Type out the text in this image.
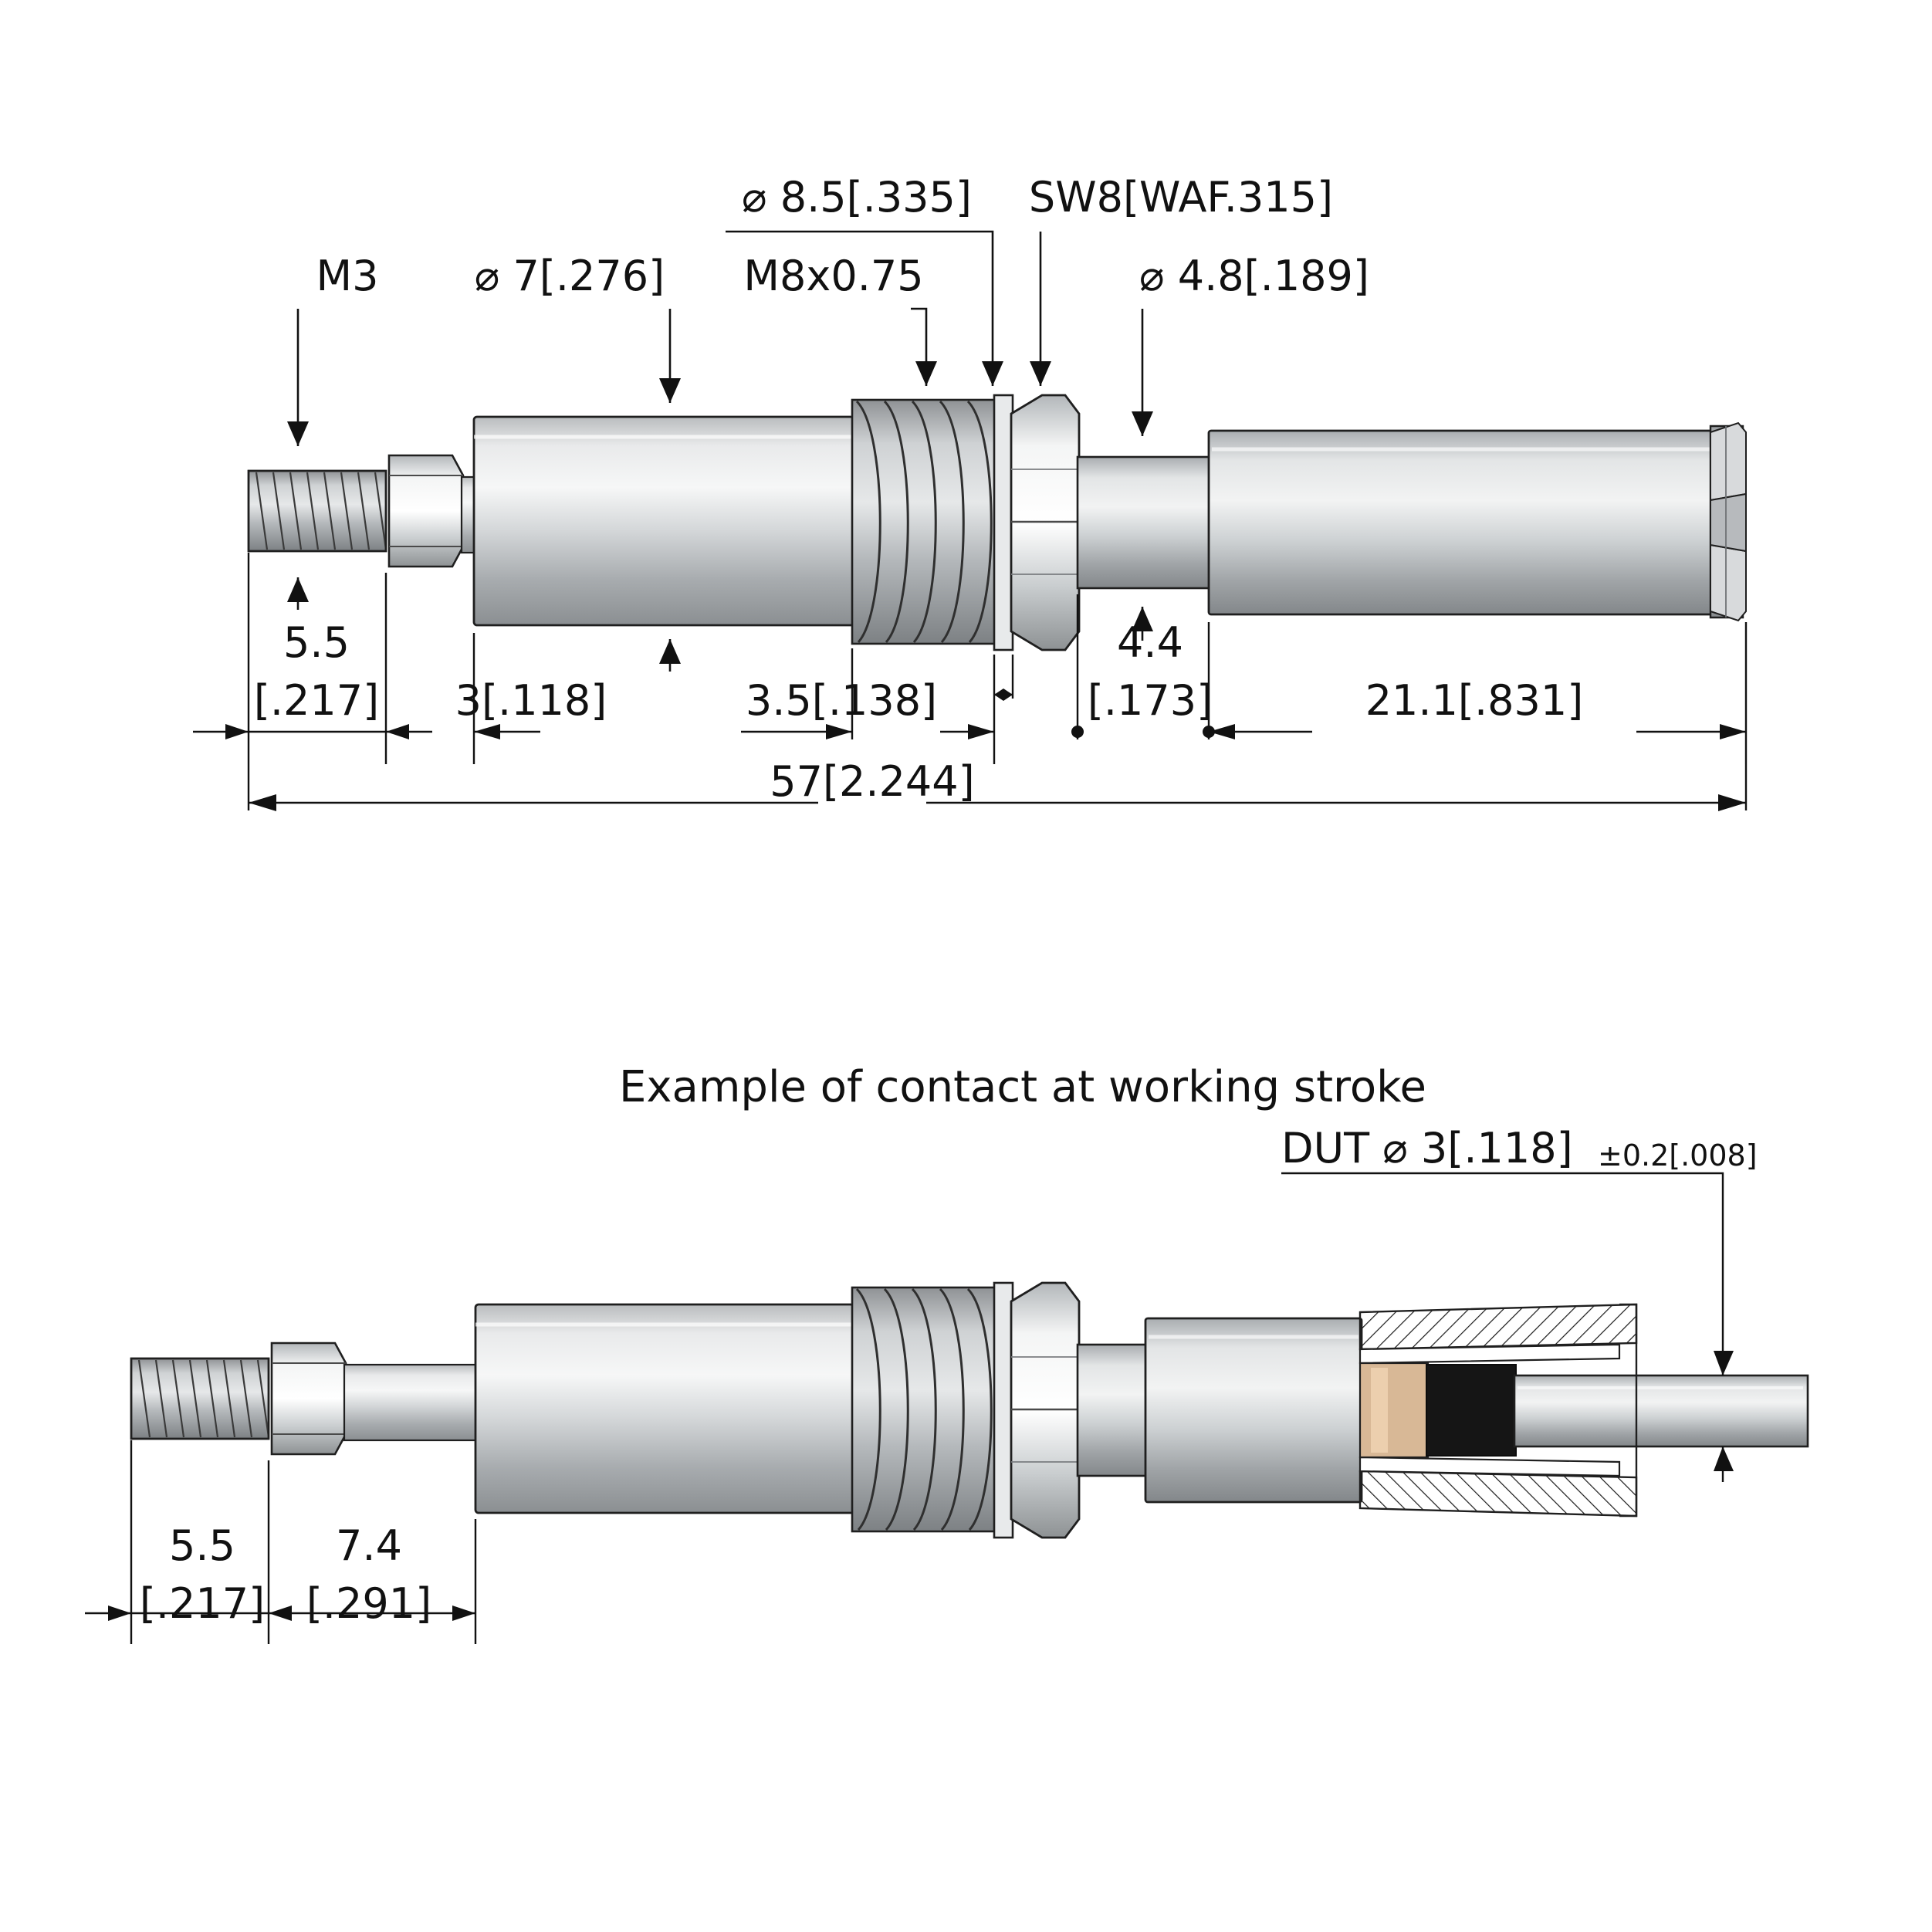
M3 ⌀ 7[.276]
⌀ 8.5[.335]
M8x0.75
SW8[WAF.315]
⌀ 4.8[.189]
5.5
[.217] 3[.118]	3.5[.138]
4.4
[.173]	21.1[.831]
57[2.244]
Example of contact at working stroke
DUT ⌀ 3[.118] ±0.2[.008]
5.5
[.217]
7.4
[.291]
